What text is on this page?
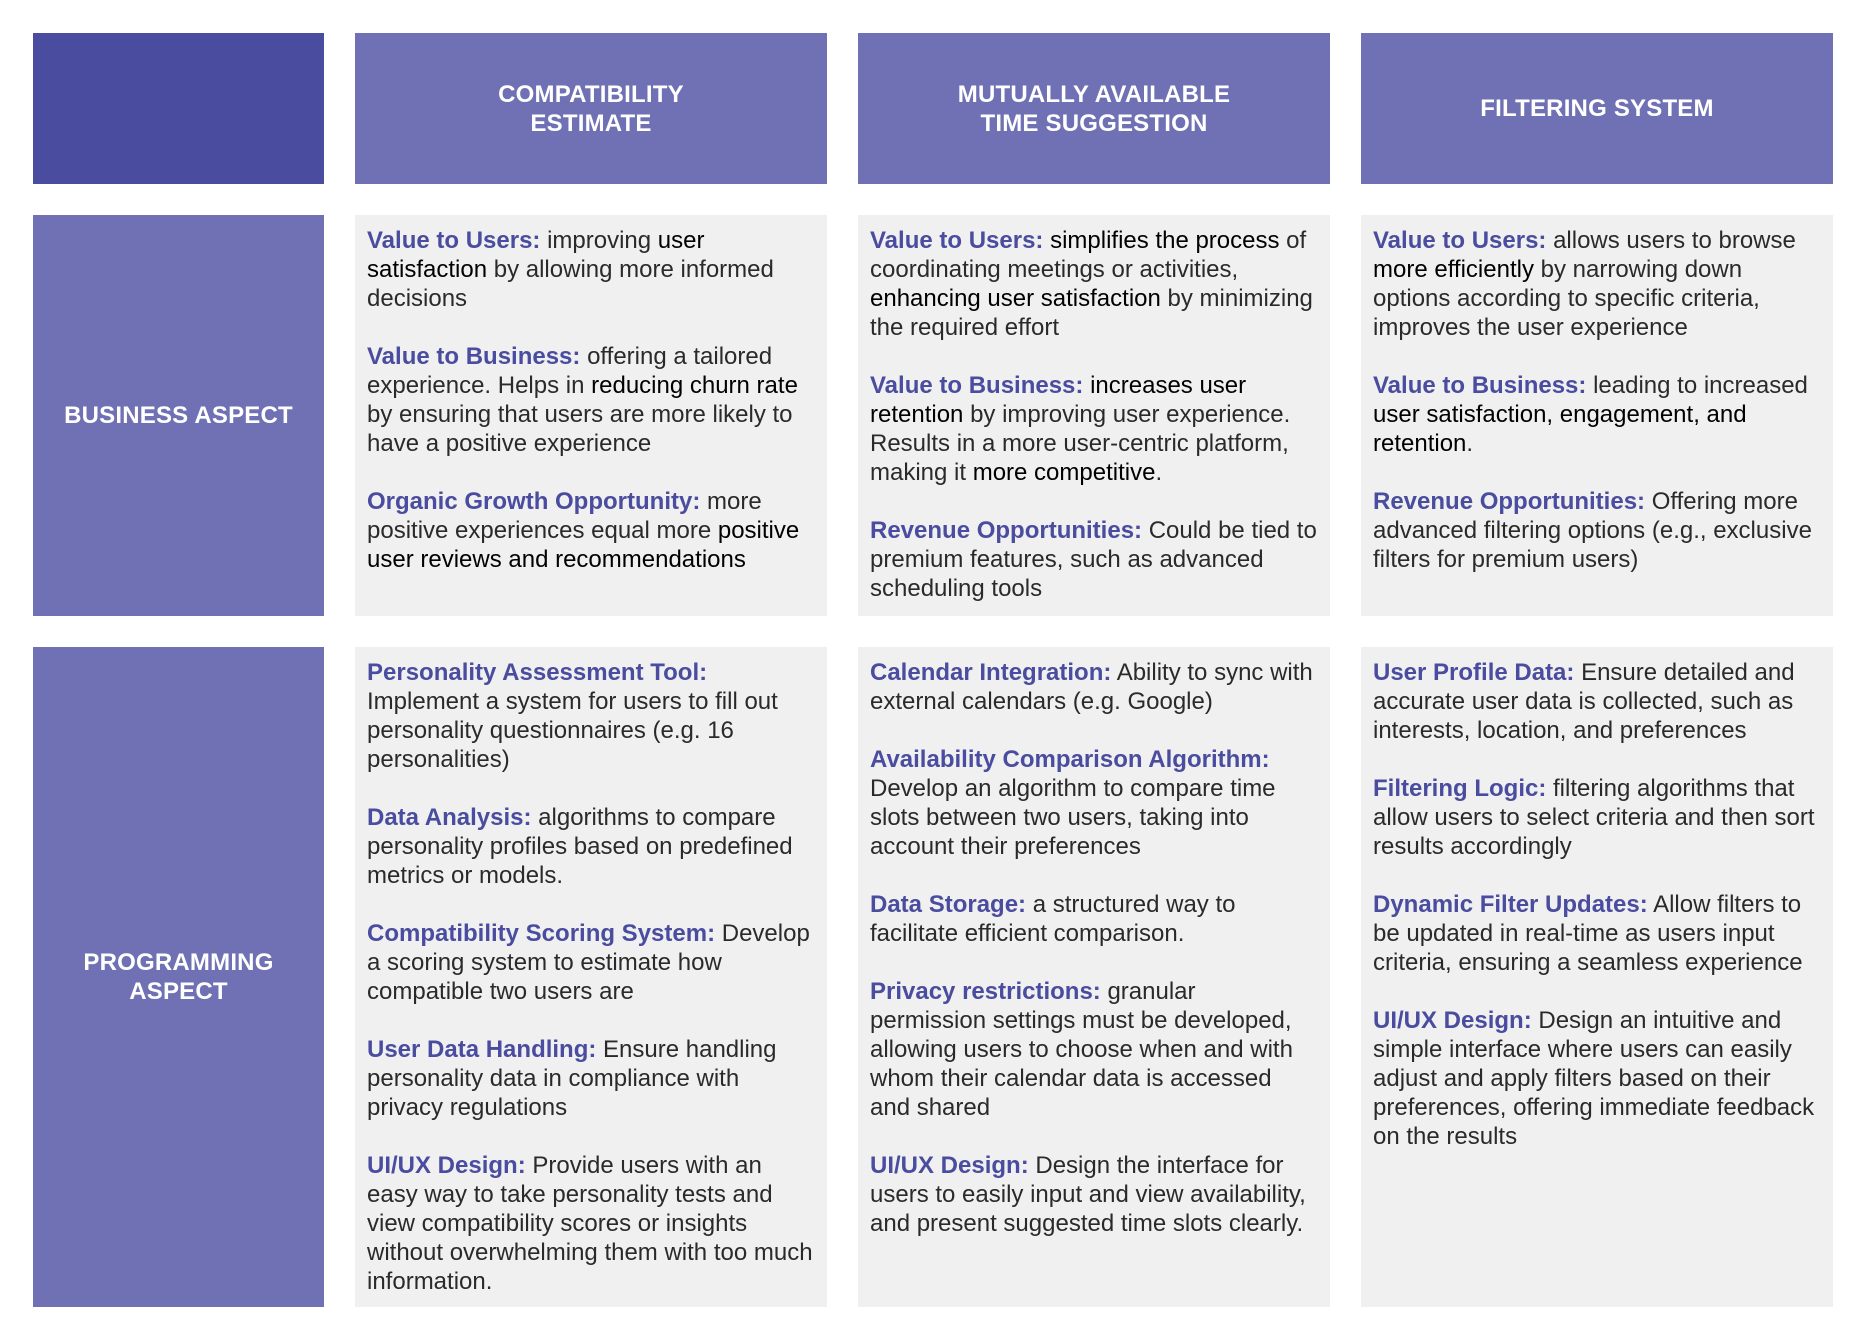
COMPATIBILITY ESTIMATE
MUTUALLY AVAILABLE TIME SUGGESTION
FILTERING SYSTEM
BUSINESS ASPECT
PROGRAMMING ASPECT

Value to Users: improving user satisfaction by allowing more informed decisions

Value to Business: offering a tailored experience. Helps in reducing churn rate by ensuring that users are more likely to have a positive experience

Organic Growth Opportunity: more positive experiences equal more positive user reviews and recommendations

Value to Users: simplifies the process of coordinating meetings or activities, enhancing user satisfaction by minimizing the required effort

Value to Business: increases user retention by improving user experience. Results in a more user-centric platform, making it more competitive.

Revenue Opportunities: Could be tied to premium features, such as advanced scheduling tools

Value to Users: allows users to browse more efficiently by narrowing down options according to specific criteria, improves the user experience

Value to Business: leading to increased user satisfaction, engagement, and retention.

Revenue Opportunities: Offering more advanced filtering options (e.g., exclusive filters for premium users)

Personality Assessment Tool: Implement a system for users to fill out personality questionnaires (e.g. 16 personalities)

Data Analysis: algorithms to compare personality profiles based on predefined metrics or models.

Compatibility Scoring System: Develop a scoring system to estimate how compatible two users are

User Data Handling: Ensure handling personality data in compliance with privacy regulations

UI/UX Design: Provide users with an easy way to take personality tests and view compatibility scores or insights without overwhelming them with too much information.

Calendar Integration: Ability to sync with external calendars (e.g. Google)

Availability Comparison Algorithm: Develop an algorithm to compare time slots between two users, taking into account their preferences

Data Storage: a structured way to facilitate efficient comparison.

Privacy restrictions: granular permission settings must be developed, allowing users to choose when and with whom their calendar data is accessed and shared

UI/UX Design: Design the interface for users to easily input and view availability, and present suggested time slots clearly.

User Profile Data: Ensure detailed and accurate user data is collected, such as interests, location, and preferences

Filtering Logic: filtering algorithms that allow users to select criteria and then sort results accordingly

Dynamic Filter Updates: Allow filters to be updated in real-time as users input criteria, ensuring a seamless experience

UI/UX Design: Design an intuitive and simple interface where users can easily adjust and apply filters based on their preferences, offering immediate feedback on the results
